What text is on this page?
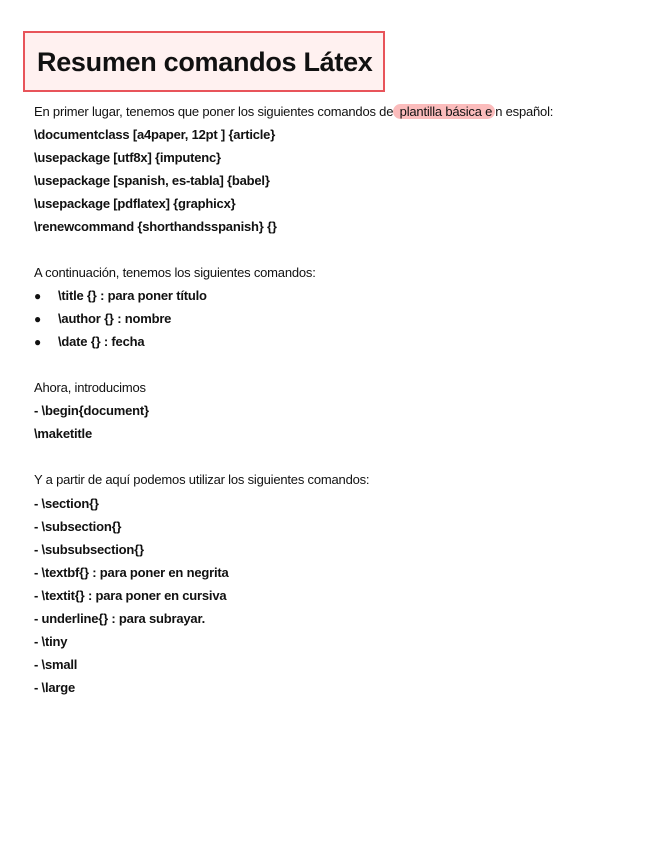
Resumen comandos Látex
En primer lugar, tenemos que poner los siguientes comandos de plantilla básica e n español:
\documentclass [a4paper, 12pt ] {article}
\usepackage [utf8x] {imputenc}
\usepackage [spanish, es-tabla] {babel}
\usepackage [pdflatex] {graphicx}
\renewcommand {shorthandsspanish} {}
A continuación, tenemos los siguientes comandos:
● \title {} : para poner título
● \author {} : nombre
● \date {} : fecha
Ahora, introducimos
- \begin{document}
\maketitle
Y a partir de aquí podemos utilizar los siguientes comandos:
- \section{}
- \subsection{}
- \subsubsection{}
- \textbf{} : para poner en negrita
- \textit{} : para poner en cursiva
- underline{} : para subrayar.
- \tiny
- \small
- \large
